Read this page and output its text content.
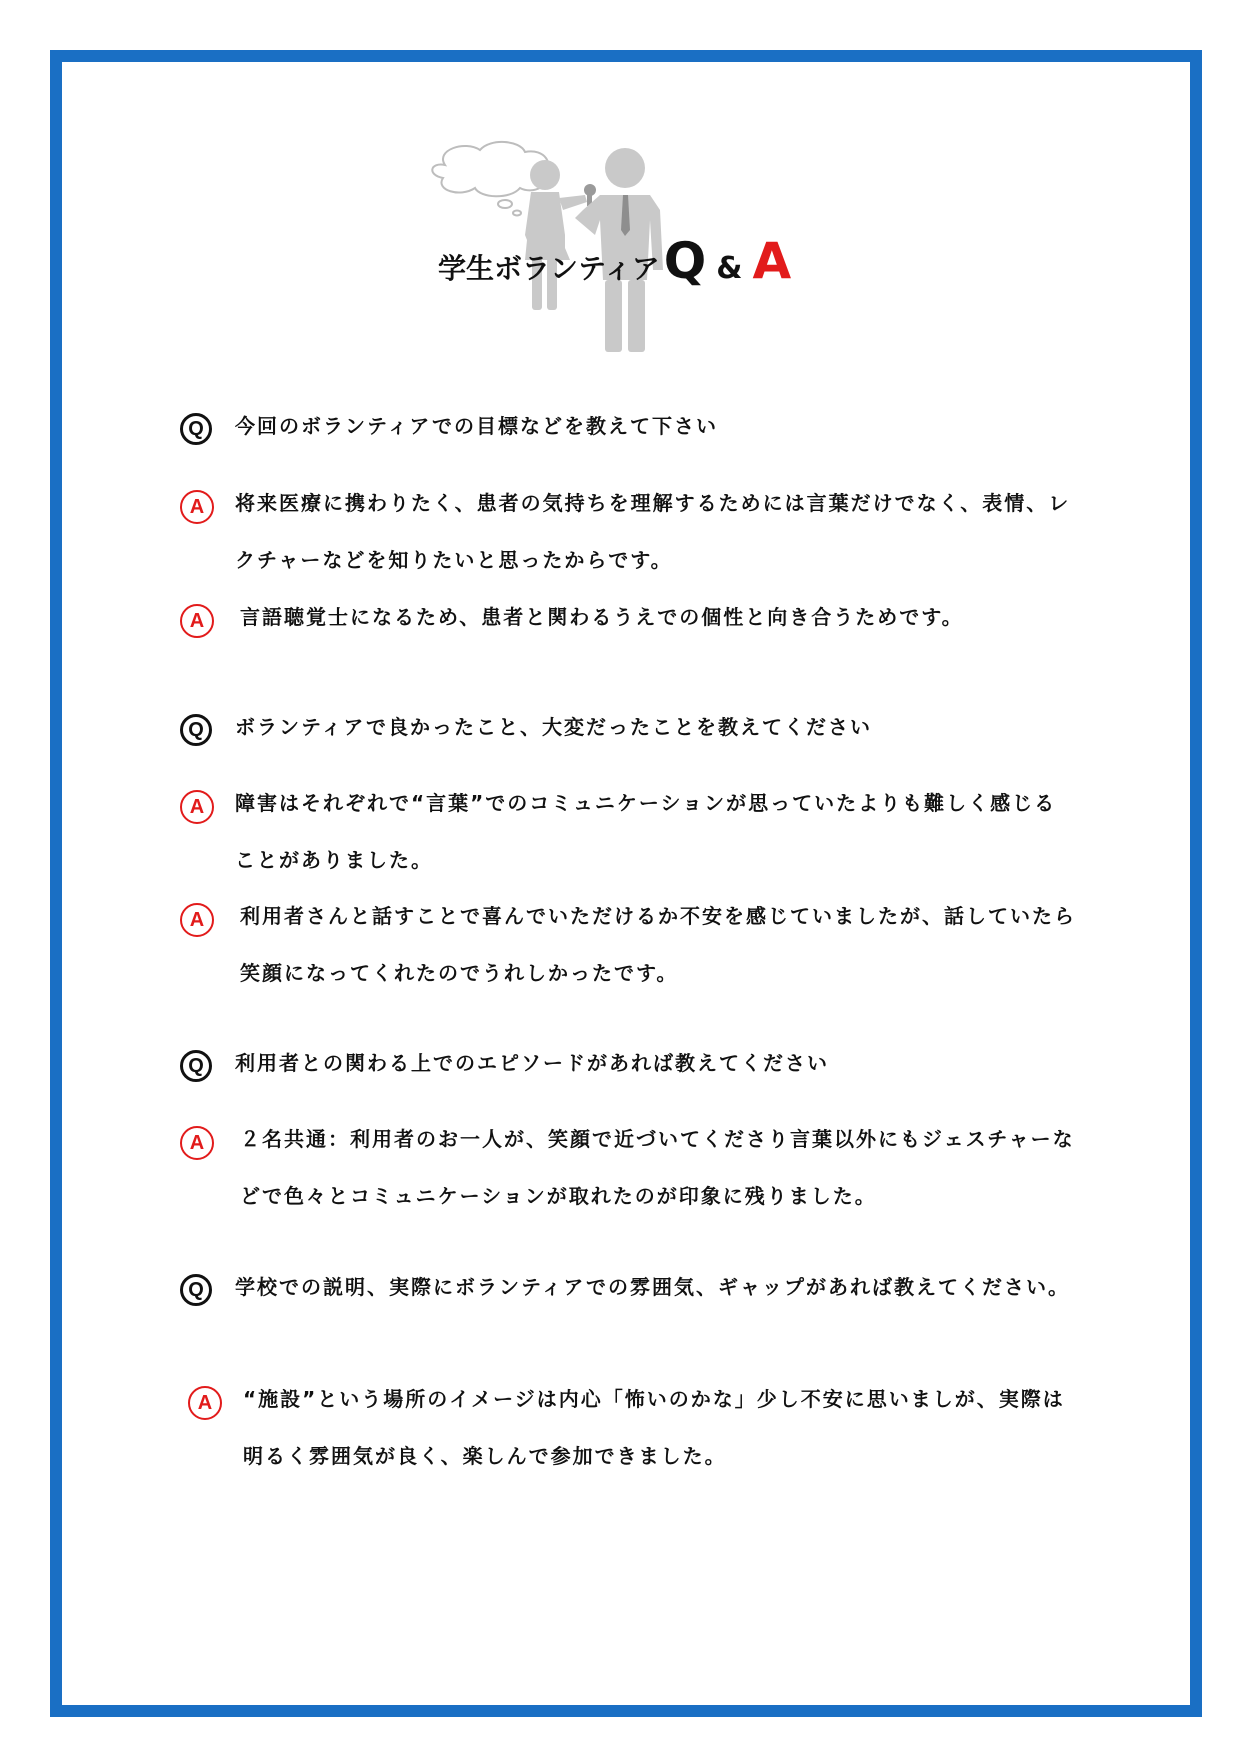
学生ボランティア Q & A
Q	今回のボランティアでの目標などを教えて下さい
A	将来医療に携わりたく、患者の気持ちを理解するためには言葉だけでなく、表情、レクチャーなどを知りたいと思ったからです。
A	言語聴覚士になるため、患者と関わるうえでの個性と向き合うためです。
Q	ボランティアで良かったこと、大変だったことを教えてください
A	障害はそれぞれで“言葉”でのコミュニケーションが思っていたよりも難しく感じることがありました。
A	利用者さんと話すことで喜んでいただけるか不安を感じていましたが、話していたら笑顔になってくれたのでうれしかったです。
Q	利用者との関わる上でのエピソードがあれば教えてください
A	２名共通：利用者のお一人が、笑顔で近づいてくださり言葉以外にもジェスチャーなどで色々とコミュニケーションが取れたのが印象に残りました。
Q	学校での説明、実際にボランティアでの雰囲気、ギャップがあれば教えてください。
A	“施設”という場所のイメージは内心「怖いのかな」少し不安に思いましが、実際は明るく雰囲気が良く、楽しんで参加できました。
